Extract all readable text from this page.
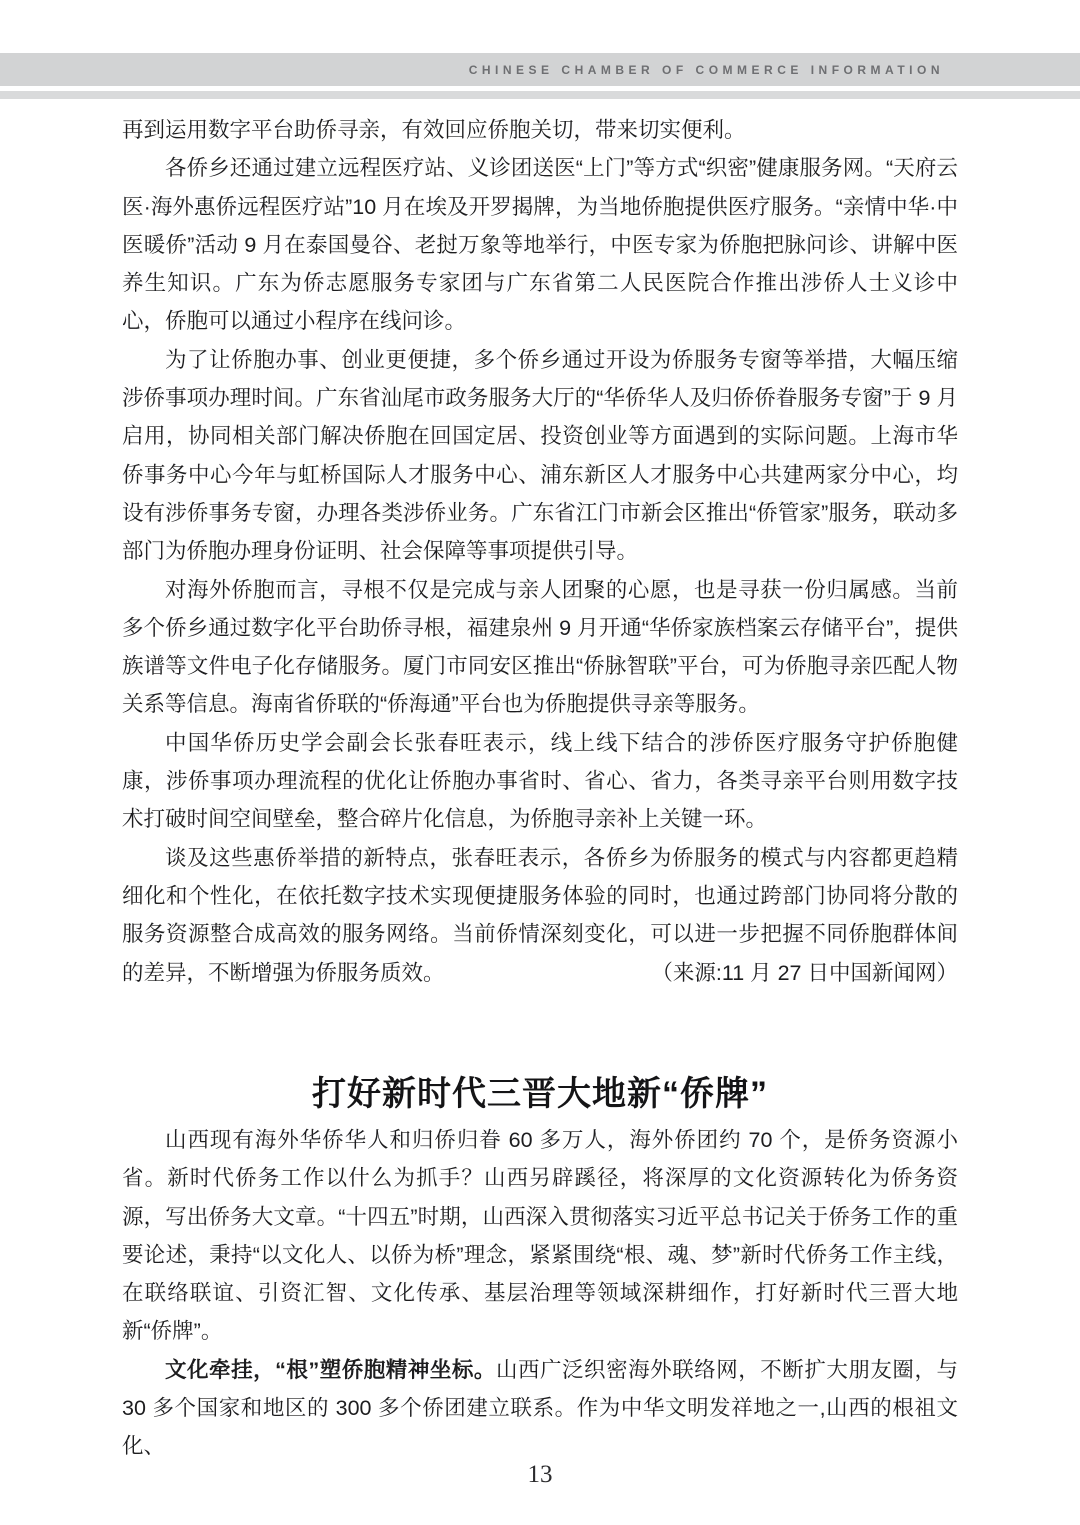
CHINESE CHAMBER OF COMMERCE INFORMATION

再到运用数字平台助侨寻亲，有效回应侨胞关切，带来切实便利。

各侨乡还通过建立远程医疗站、义诊团送医“上门”等方式“织密”健康服务网。“天府云医·海外惠侨远程医疗站”10 月在埃及开罗揭牌，为当地侨胞提供医疗服务。“亲情中华·中医暖侨”活动 9 月在泰国曼谷、老挝万象等地举行，中医专家为侨胞把脉问诊、讲解中医养生知识。广东为侨志愿服务专家团与广东省第二人民医院合作推出涉侨人士义诊中心，侨胞可以通过小程序在线问诊。

为了让侨胞办事、创业更便捷，多个侨乡通过开设为侨服务专窗等举措，大幅压缩涉侨事项办理时间。广东省汕尾市政务服务大厅的“华侨华人及归侨侨眷服务专窗”于 9 月启用，协同相关部门解决侨胞在回国定居、投资创业等方面遇到的实际问题。上海市华侨事务中心今年与虹桥国际人才服务中心、浦东新区人才服务中心共建两家分中心，均设有涉侨事务专窗，办理各类涉侨业务。广东省江门市新会区推出“侨管家”服务，联动多部门为侨胞办理身份证明、社会保障等事项提供引导。

对海外侨胞而言，寻根不仅是完成与亲人团聚的心愿，也是寻获一份归属感。当前多个侨乡通过数字化平台助侨寻根，福建泉州 9 月开通“华侨家族档案云存储平台”，提供族谱等文件电子化存储服务。厦门市同安区推出“侨脉智联”平台，可为侨胞寻亲匹配人物关系等信息。海南省侨联的“侨海通”平台也为侨胞提供寻亲等服务。

中国华侨历史学会副会长张春旺表示，线上线下结合的涉侨医疗服务守护侨胞健康，涉侨事项办理流程的优化让侨胞办事省时、省心、省力，各类寻亲平台则用数字技术打破时间空间壁垒，整合碎片化信息，为侨胞寻亲补上关键一环。

谈及这些惠侨举措的新特点，张春旺表示，各侨乡为侨服务的模式与内容都更趋精细化和个性化，在依托数字技术实现便捷服务体验的同时，也通过跨部门协同将分散的服务资源整合成高效的服务网络。当前侨情深刻变化，可以进一步把握不同侨胞群体间的差异，不断增强为侨服务质效。	（来源:11 月 27 日中国新闻网）

打好新时代三晋大地新“侨牌”

山西现有海外华侨华人和归侨归眷 60 多万人，海外侨团约 70 个，是侨务资源小省。新时代侨务工作以什么为抓手？山西另辟蹊径，将深厚的文化资源转化为侨务资源，写出侨务大文章。“十四五”时期，山西深入贯彻落实习近平总书记关于侨务工作的重要论述，秉持“以文化人、以侨为桥”理念，紧紧围绕“根、魂、梦”新时代侨务工作主线，在联络联谊、引资汇智、文化传承、基层治理等领域深耕细作，打好新时代三晋大地新“侨牌”。

文化牵挂，“根”塑侨胞精神坐标。山西广泛织密海外联络网，不断扩大朋友圈，与 30 多个国家和地区的 300 多个侨团建立联系。作为中华文明发祥地之一,山西的根祖文化、

13
